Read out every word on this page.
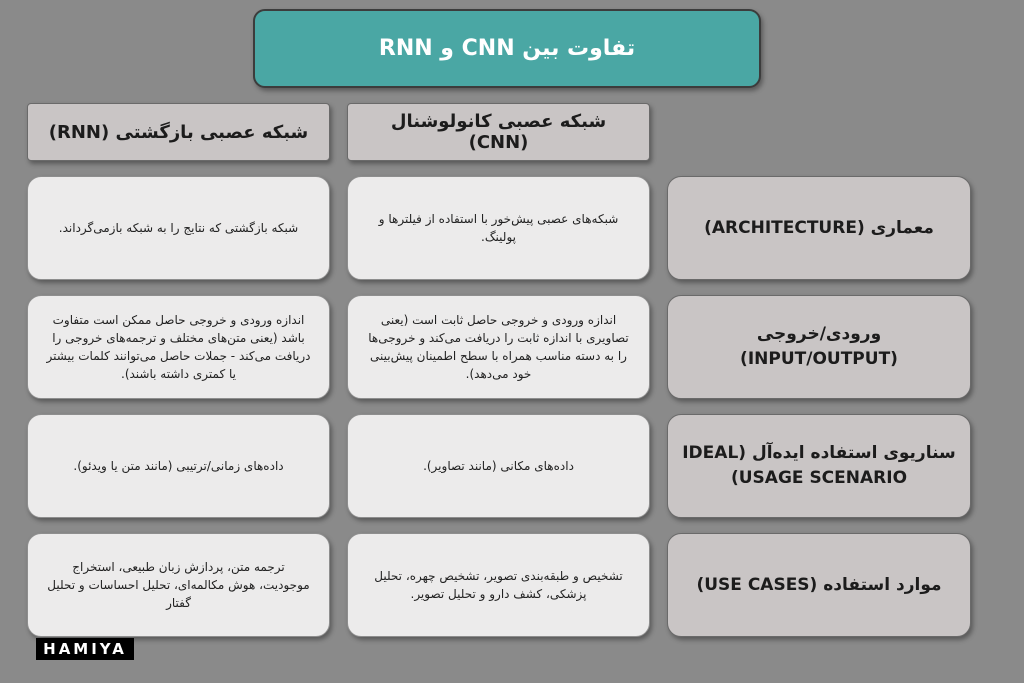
تفاوت بین CNN و RNN
شبکه عصبی کانولوشنال (CNN)
شبکه عصبی بازگشتی (RNN)
معماری (ARCHITECTURE)
شبکه‌های عصبی پیش‌خور با استفاده از فیلترها و پولینگ.
شبکه بازگشتی که نتایج را به شبکه بازمی‌گرداند.
ورودی/خروجی (INPUT/OUTPUT)
اندازه ورودی و خروجی حاصل ثابت است (یعنی تصاویری با اندازه ثابت را دریافت می‌کند و خروجی‌ها را به دسته مناسب همراه با سطح اطمینان پیش‌بینی خود می‌دهد).
اندازه ورودی و خروجی حاصل ممکن است متفاوت باشد (یعنی متن‌های مختلف و ترجمه‌های خروجی را دریافت می‌کند - جملات حاصل می‌توانند کلمات بیشتر یا کمتری داشته باشند).
سناریوی استفاده ایده‌آل (IDEAL USAGE SCENARIO)
داده‌های مکانی (مانند تصاویر).
داده‌های زمانی/ترتیبی (مانند متن یا ویدئو).
موارد استفاده (USE CASES)
تشخیص و طبقه‌بندی تصویر، تشخیص چهره، تحلیل پزشکی، کشف دارو و تحلیل تصویر.
ترجمه متن، پردازش زبان طبیعی، استخراج موجودیت، هوش مکالمه‌ای، تحلیل احساسات و تحلیل گفتار
HAMIYA
